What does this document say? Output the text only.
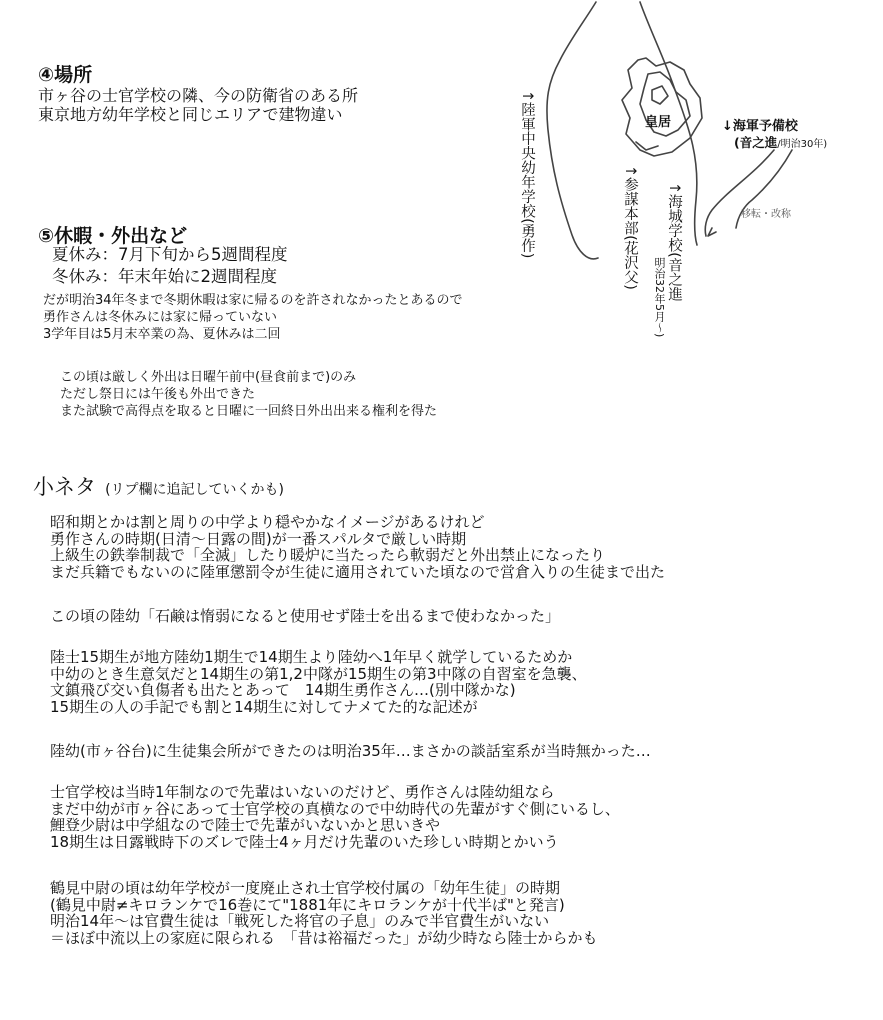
↑陸軍中央幼年学校(勇作)	皇居
↑参謀本部(花沢父) ↑海城学校(音之進
明治32年5月〜)
↓海軍予備校
(音之進/明治30年)
移転・改称
④場所
市ヶ谷の士官学校の隣、今の防衛省のある所
東京地方幼年学校と同じエリアで建物違い
⑤休暇・外出など
夏休み：7月下旬から5週間程度
冬休み：年末年始に2週間程度
だが明治34年冬まで冬期休暇は家に帰るのを許されなかったとあるので
勇作さんは冬休みには家に帰っていない
3学年目は5月末卒業の為、夏休みは二回
この頃は厳しく外出は日曜午前中(昼食前まで)のみ
ただし祭日には午後も外出できた
また試験で高得点を取ると日曜に一回終日外出出来る権利を得た
小ネタ (リプ欄に追記していくかも)
昭和期とかは割と周りの中学より穏やかなイメージがあるけれど
勇作さんの時期(日清〜日露の間)が一番スパルタで厳しい時期
上級生の鉄拳制裁で「全滅」したり暖炉に当たったら軟弱だと外出禁止になったり
まだ兵籍でもないのに陸軍懲罰令が生徒に適用されていた頃なので営倉入りの生徒まで出た
この頃の陸幼「石鹸は惰弱になると使用せず陸士を出るまで使わなかった」
陸士15期生が地方陸幼1期生で14期生より陸幼へ1年早く就学しているためか
中幼のとき生意気だと14期生の第1,2中隊が15期生の第3中隊の自習室を急襲、
文鎮飛び交い負傷者も出たとあって　14期生勇作さん…(別中隊かな)
15期生の人の手記でも割と14期生に対してナメてた的な記述が
陸幼(市ヶ谷台)に生徒集会所ができたのは明治35年…まさかの談話室系が当時無かった…
士官学校は当時1年制なので先輩はいないのだけど、勇作さんは陸幼組なら
まだ中幼が市ヶ谷にあって士官学校の真横なので中幼時代の先輩がすぐ側にいるし、
鯉登少尉は中学組なので陸士で先輩がいないかと思いきや
18期生は日露戦時下のズレで陸士4ヶ月だけ先輩のいた珍しい時期とかいう
鶴見中尉の頃は幼年学校が一度廃止され士官学校付属の「幼年生徒」の時期
(鶴見中尉≠キロランケで16巻にて"1881年にキロランケが十代半ば"と発言)
明治14年〜は官費生徒は「戦死した将官の子息」のみで半官費生がいない
＝ほぼ中流以上の家庭に限られる　「昔は裕福だった」が幼少時なら陸士からかも
